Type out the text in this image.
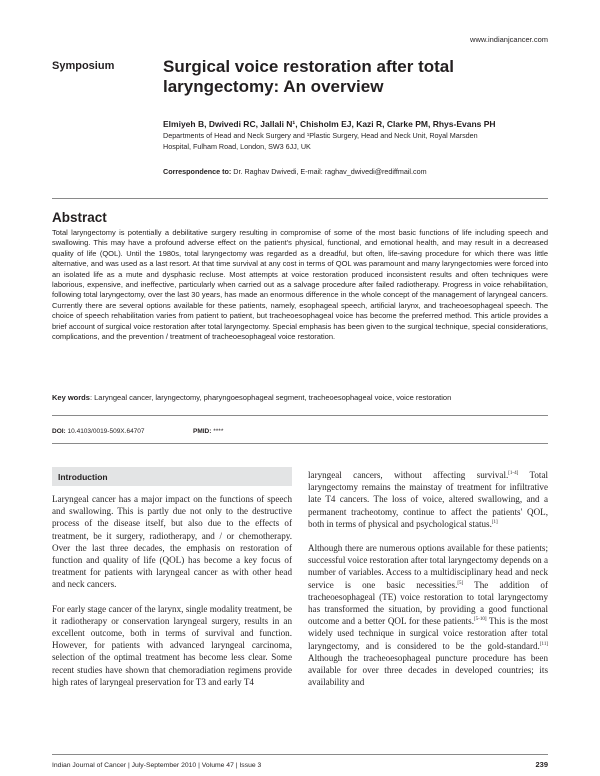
www.indianjcancer.com
Symposium	Surgical voice restoration after total laryngectomy: An overview
Elmiyeh B, Dwivedi RC, Jallali N¹, Chisholm EJ, Kazi R, Clarke PM, Rhys-Evans PH
Departments of Head and Neck Surgery and ¹Plastic Surgery, Head and Neck Unit, Royal Marsden
Hospital, Fulham Road, London, SW3 6JJ, UK
Correspondence to: Dr. Raghav Dwivedi, E-mail: raghav_dwivedi@rediffmail.com
Abstract

Total laryngectomy is potentially a debilitative surgery resulting in compromise of some of the most basic functions of life including speech and swallowing. This may have a profound adverse effect on the patient's physical, functional, and emotional health, and may result in a decreased quality of life (QOL). Until the 1980s, total laryngectomy was regarded as a dreadful, but often, life-saving procedure for which there was little alternative, and was used as a last resort. At that time survival at any cost in terms of QOL was paramount and many laryngectomies were forced into an isolated life as a mute and dysphasic recluse. Most attempts at voice restoration produced inconsistent results and often techniques were laborious, expensive, and ineffective, particularly when carried out as a salvage procedure after failed radiotherapy. Progress in voice rehabilitation, following total laryngectomy, over the last 30 years, has made an enormous difference in the whole concept of the management of laryngeal cancers. Currently there are several options available for these patients, namely, esophageal speech, artificial larynx, and tracheoesophageal speech. The choice of speech rehabilitation varies from patient to patient, but tracheoesophageal voice has become the preferred method. This article provides a brief account of surgical voice restoration after total laryngectomy. Special emphasis has been given to the surgical technique, special considerations, complications, and the prevention / treatment of tracheoesophageal voice restoration.

Key words: Laryngeal cancer, laryngectomy, pharyngoesophageal segment, tracheoesophageal voice, voice restoration
DOI: 10.4103/0019-509X.64707	PMID: ****
Introduction

Laryngeal cancer has a major impact on the functions of speech and swallowing. This is partly due not only to the destructive process of the disease itself, but also due to the effects of treatment, be it surgery, radiotherapy, and / or chemotherapy. Over the last three decades, the emphasis on restoration of function and quality of life (QOL) has become a key focus of treatment for patients with laryngeal cancer as with other head and neck cancers.

For early stage cancer of the larynx, single modality treatment, be it radiotherapy or conservation laryngeal surgery, results in an excellent outcome, both in terms of survival and function. However, for patients with advanced laryngeal carcinoma, selection of the optimal treatment has become less clear. Some recent studies have shown that chemoradiation regimens provide high rates of laryngeal preservation for T3 and early T4

laryngeal cancers, without affecting survival.[1-4] Total laryngectomy remains the mainstay of treatment for infiltrative late T4 cancers. The loss of voice, altered swallowing, and a permanent tracheotomy, continue to affect the patients' QOL, both in terms of physical and psychological status.[1]

Although there are numerous options available for these patients; successful voice restoration after total laryngectomy depends on a number of variables. Access to a multidisciplinary head and neck service is one basic necessities.[5] The addition of tracheoesophageal (TE) voice restoration to total laryngectomy has transformed the situation, by providing a good functional outcome and a better QOL for these patients.[5-10] This is the most widely used technique in surgical voice restoration after total laryngectomy, and is considered to be the gold-standard.[11] Although the tracheoesophageal puncture procedure has been available for over three decades in developed countries; its availability and

Indian Journal of Cancer | July-September 2010 | Volume 47 | Issue 3	239
